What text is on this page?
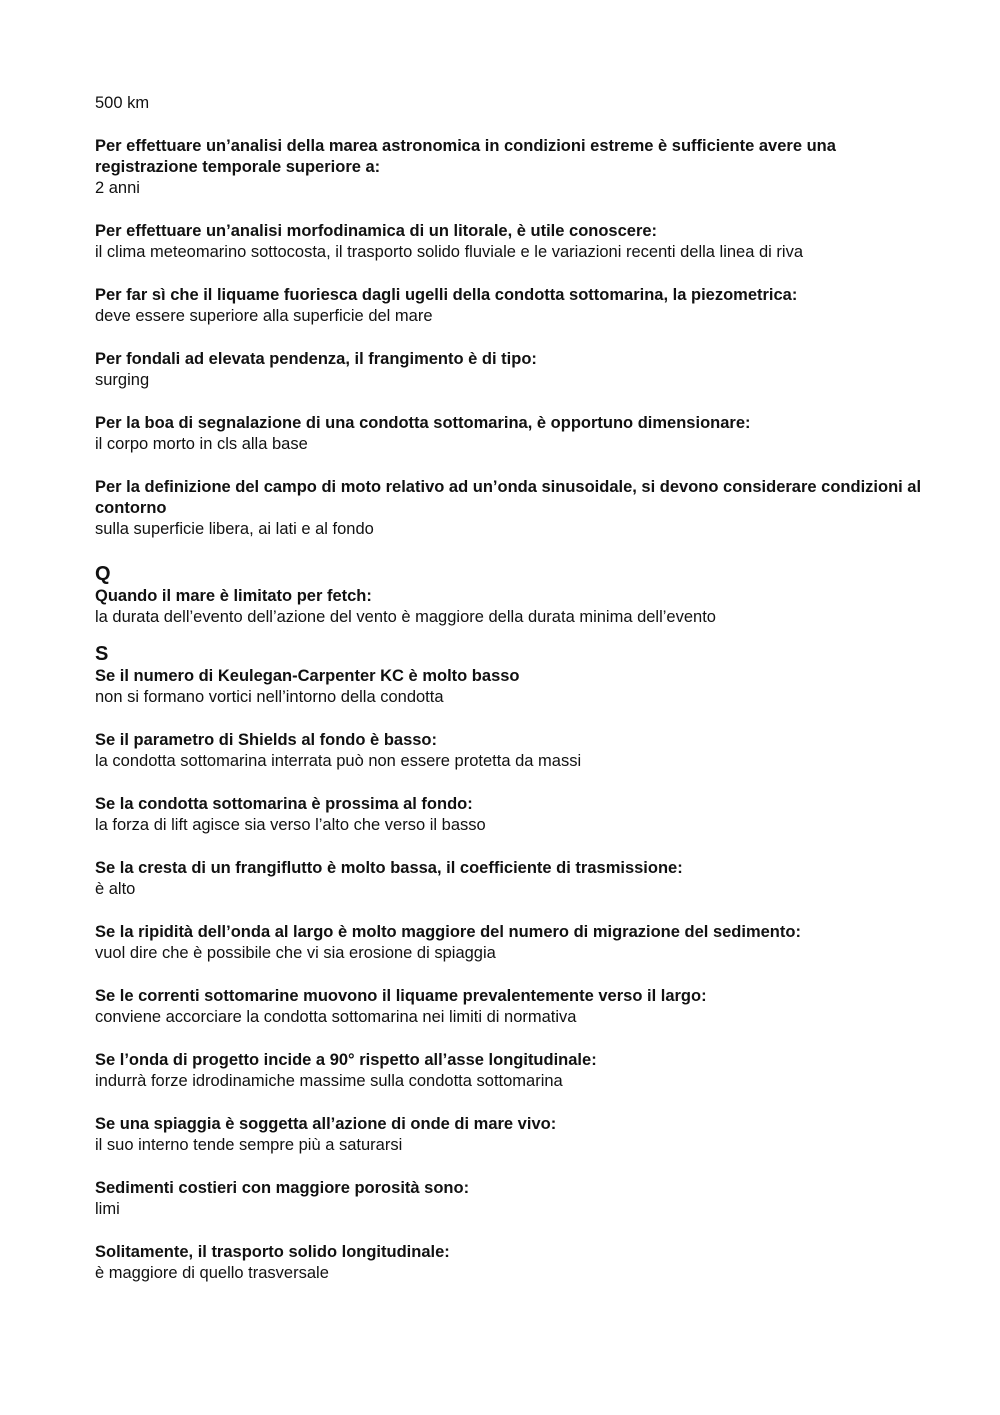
500 km

Per effettuare un’analisi della marea astronomica in condizioni estreme è sufficiente avere una registrazione temporale superiore a:

2 anni

Per effettuare un’analisi morfodinamica di un litorale, è utile conoscere:

il clima meteomarino sottocosta, il trasporto solido fluviale e le variazioni recenti della linea di riva

Per far sì che il liquame fuoriesca dagli ugelli della condotta sottomarina, la piezometrica:

deve essere superiore alla superficie del mare

Per fondali ad elevata pendenza, il frangimento è di tipo:

surging

Per la boa di segnalazione di una condotta sottomarina, è opportuno dimensionare:

il corpo morto in cls alla base

Per la definizione del campo di moto relativo ad un’onda sinusoidale, si devono considerare condizioni al contorno

sulla superficie libera, ai lati e al fondo

Q

Quando il mare è limitato per fetch:

la durata dell’evento dell’azione del vento è maggiore della durata minima dell’evento

S

Se il numero di Keulegan-Carpenter KC è molto basso

non si formano vortici nell’intorno della condotta

Se il parametro di Shields al fondo è basso:

la condotta sottomarina interrata può non essere protetta da massi

Se la condotta sottomarina è prossima al fondo:

la forza di lift agisce sia verso l’alto che verso il basso

Se la cresta di un frangiflutto è molto bassa, il coefficiente di trasmissione:

è alto

Se la ripidità dell’onda al largo è molto maggiore del numero di migrazione del sedimento:

vuol dire che è possibile che vi sia erosione di spiaggia

Se le correnti sottomarine muovono il liquame prevalentemente verso il largo:

conviene accorciare la condotta sottomarina nei limiti di normativa

Se l’onda di progetto incide a 90° rispetto all’asse longitudinale:

indurrà forze idrodinamiche massime sulla condotta sottomarina

Se una spiaggia è soggetta all’azione di onde di mare vivo:

il suo interno tende sempre più a saturarsi

Sedimenti costieri con maggiore porosità sono:

limi

Solitamente, il trasporto solido longitudinale:

è maggiore di quello trasversale
